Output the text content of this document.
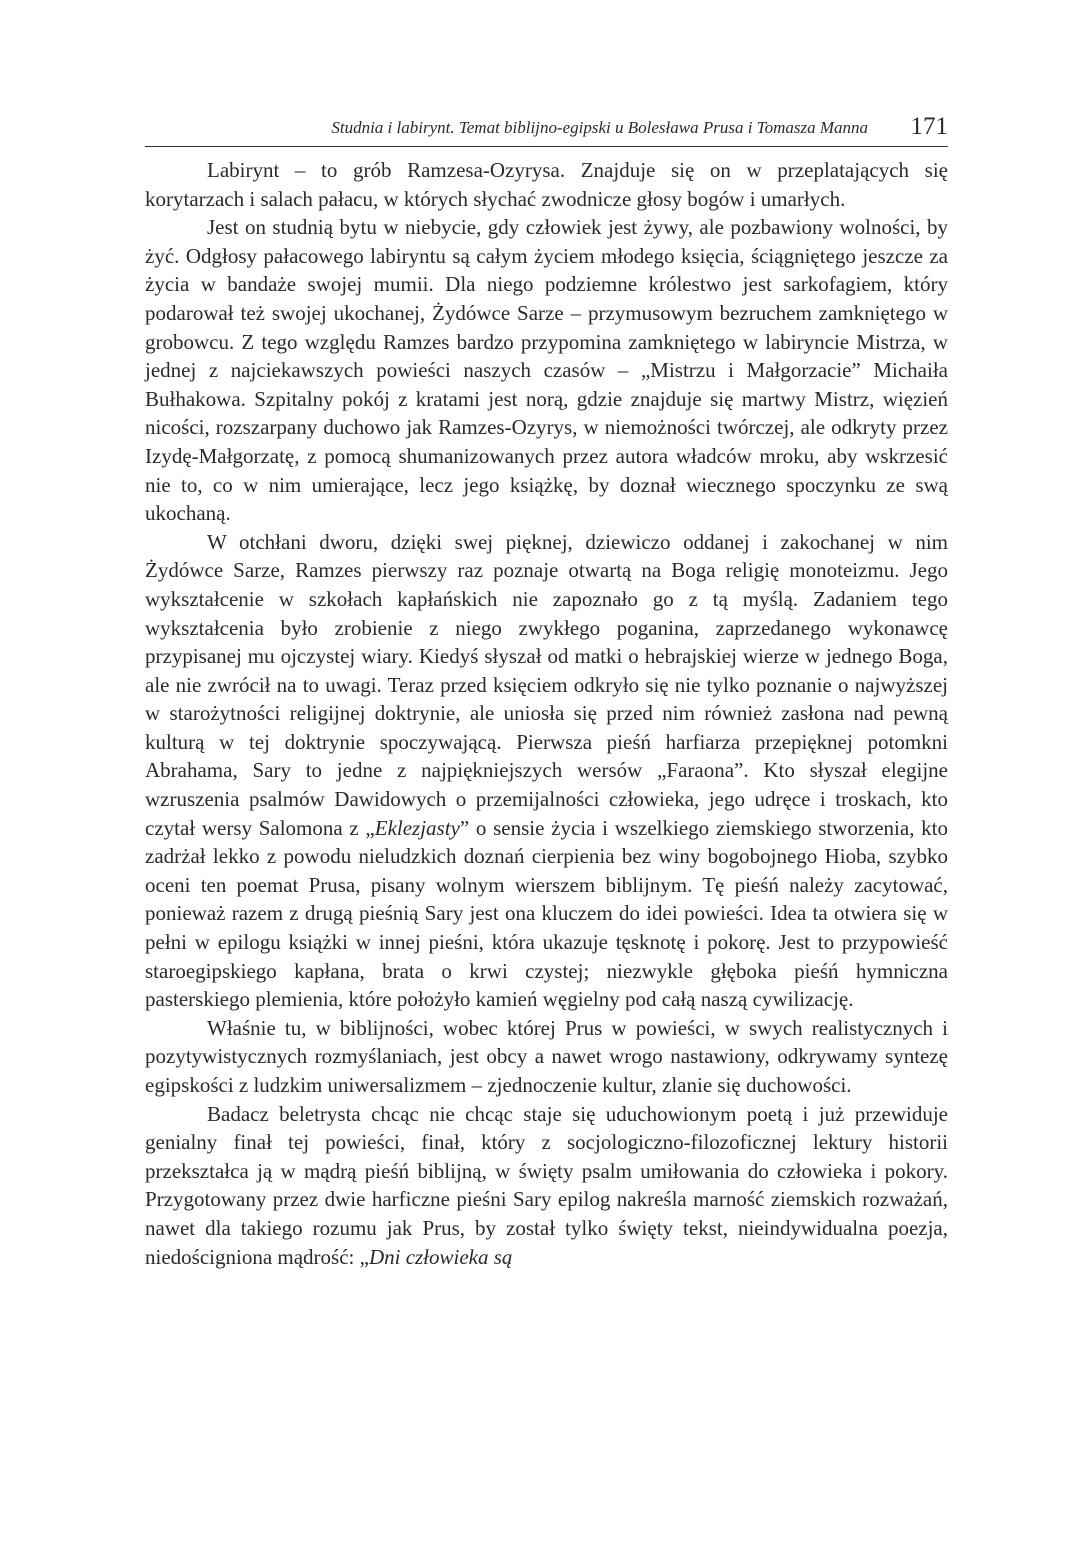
Studnia i labirynt. Temat biblijno-egipski u Bolesława Prusa i Tomasza Manna 171

Labirynt – to grób Ramzesa-Ozyrysa. Znajduje się on w przeplatających się korytarzach i salach pałacu, w których słychać zwodnicze głosy bogów i umarłych.

Jest on studnią bytu w niebycie, gdy człowiek jest żywy, ale pozbawiony wolności, by żyć. Odgłosy pałacowego labiryntu są całym życiem młodego księcia, ściągniętego jeszcze za życia w bandaże swojej mumii. Dla niego podziemne królestwo jest sarkofagiem, który podarował też swojej ukochanej, Żydówce Sarze – przymusowym bezruchem zamkniętego w grobowcu. Z tego względu Ramzes bardzo przypomina zamkniętego w labiryncie Mistrza, w jednej z najciekawszych powieści naszych czasów – „Mistrzu i Małgorzacie” Michaiła Bułhakowa. Szpitalny pokój z kratami jest norą, gdzie znajduje się martwy Mistrz, więzień nicości, rozszarpany duchowo jak Ramzes-Ozyrys, w niemożności twórczej, ale odkryty przez Izydę-Małgorzatę, z pomocą shumanizowanych przez autora władców mroku, aby wskrzesić nie to, co w nim umierające, lecz jego książkę, by doznał wiecznego spoczynku ze swą ukochaną.

W otchłani dworu, dzięki swej pięknej, dziewiczo oddanej i zakochanej w nim Żydówce Sarze, Ramzes pierwszy raz poznaje otwartą na Boga religię monoteizmu. Jego wykształcenie w szkołach kapłańskich nie zapoznało go z tą myślą. Zadaniem tego wykształcenia było zrobienie z niego zwykłego poganina, zaprzedanego wykonawcę przypisanej mu ojczystej wiary. Kiedyś słyszał od matki o hebrajskiej wierze w jednego Boga, ale nie zwrócił na to uwagi. Teraz przed księciem odkryło się nie tylko poznanie o najwyższej w starożytności religijnej doktrynie, ale uniosła się przed nim również zasłona nad pewną kulturą w tej doktrynie spoczywającą. Pierwsza pieśń harfiarza przepięknej potomkni Abrahama, Sary to jedne z najpiękniejszych wersów „Faraona”. Kto słyszał elegijne wzruszenia psalmów Dawidowych o przemijalności człowieka, jego udręce i troskach, kto czytał wersy Salomona z „Eklezjasty” o sensie życia i wszelkiego ziemskiego stworzenia, kto zadrżał lekko z powodu nieludzkich doznań cierpienia bez winy bogobojnego Hioba, szybko oceni ten poemat Prusa, pisany wolnym wierszem biblijnym. Tę pieśń należy zacytować, ponieważ razem z drugą pieśnią Sary jest ona kluczem do idei powieści. Idea ta otwiera się w pełni w epilogu książki w innej pieśni, która ukazuje tęsknotę i pokorę. Jest to przypowieść staroegipskiego kapłana, brata o krwi czystej; niezwykle głęboka pieśń hymniczna pasterskiego plemienia, które położyło kamień węgielny pod całą naszą cywilizację.

Właśnie tu, w biblijności, wobec której Prus w powieści, w swych realistycznych i pozytywistycznych rozmyślaniach, jest obcy a nawet wrogo nastawiony, odkrywamy syntezę egipskości z ludzkim uniwersalizmem – zjednoczenie kultur, zlanie się duchowości.

Badacz beletrysta chcąc nie chcąc staje się uduchowionym poetą i już przewiduje genialny finał tej powieści, finał, który z socjologiczno-filozoficznej lektury historii przekształca ją w mądrą pieśń biblijną, w święty psalm umiłowania do człowieka i pokory. Przygotowany przez dwie harficzne pieśni Sary epilog nakreśla marność ziemskich rozważań, nawet dla takiego rozumu jak Prus, by został tylko święty tekst, nieindywidualna poezja, niedościgniona mądrość: „Dni człowieka są
